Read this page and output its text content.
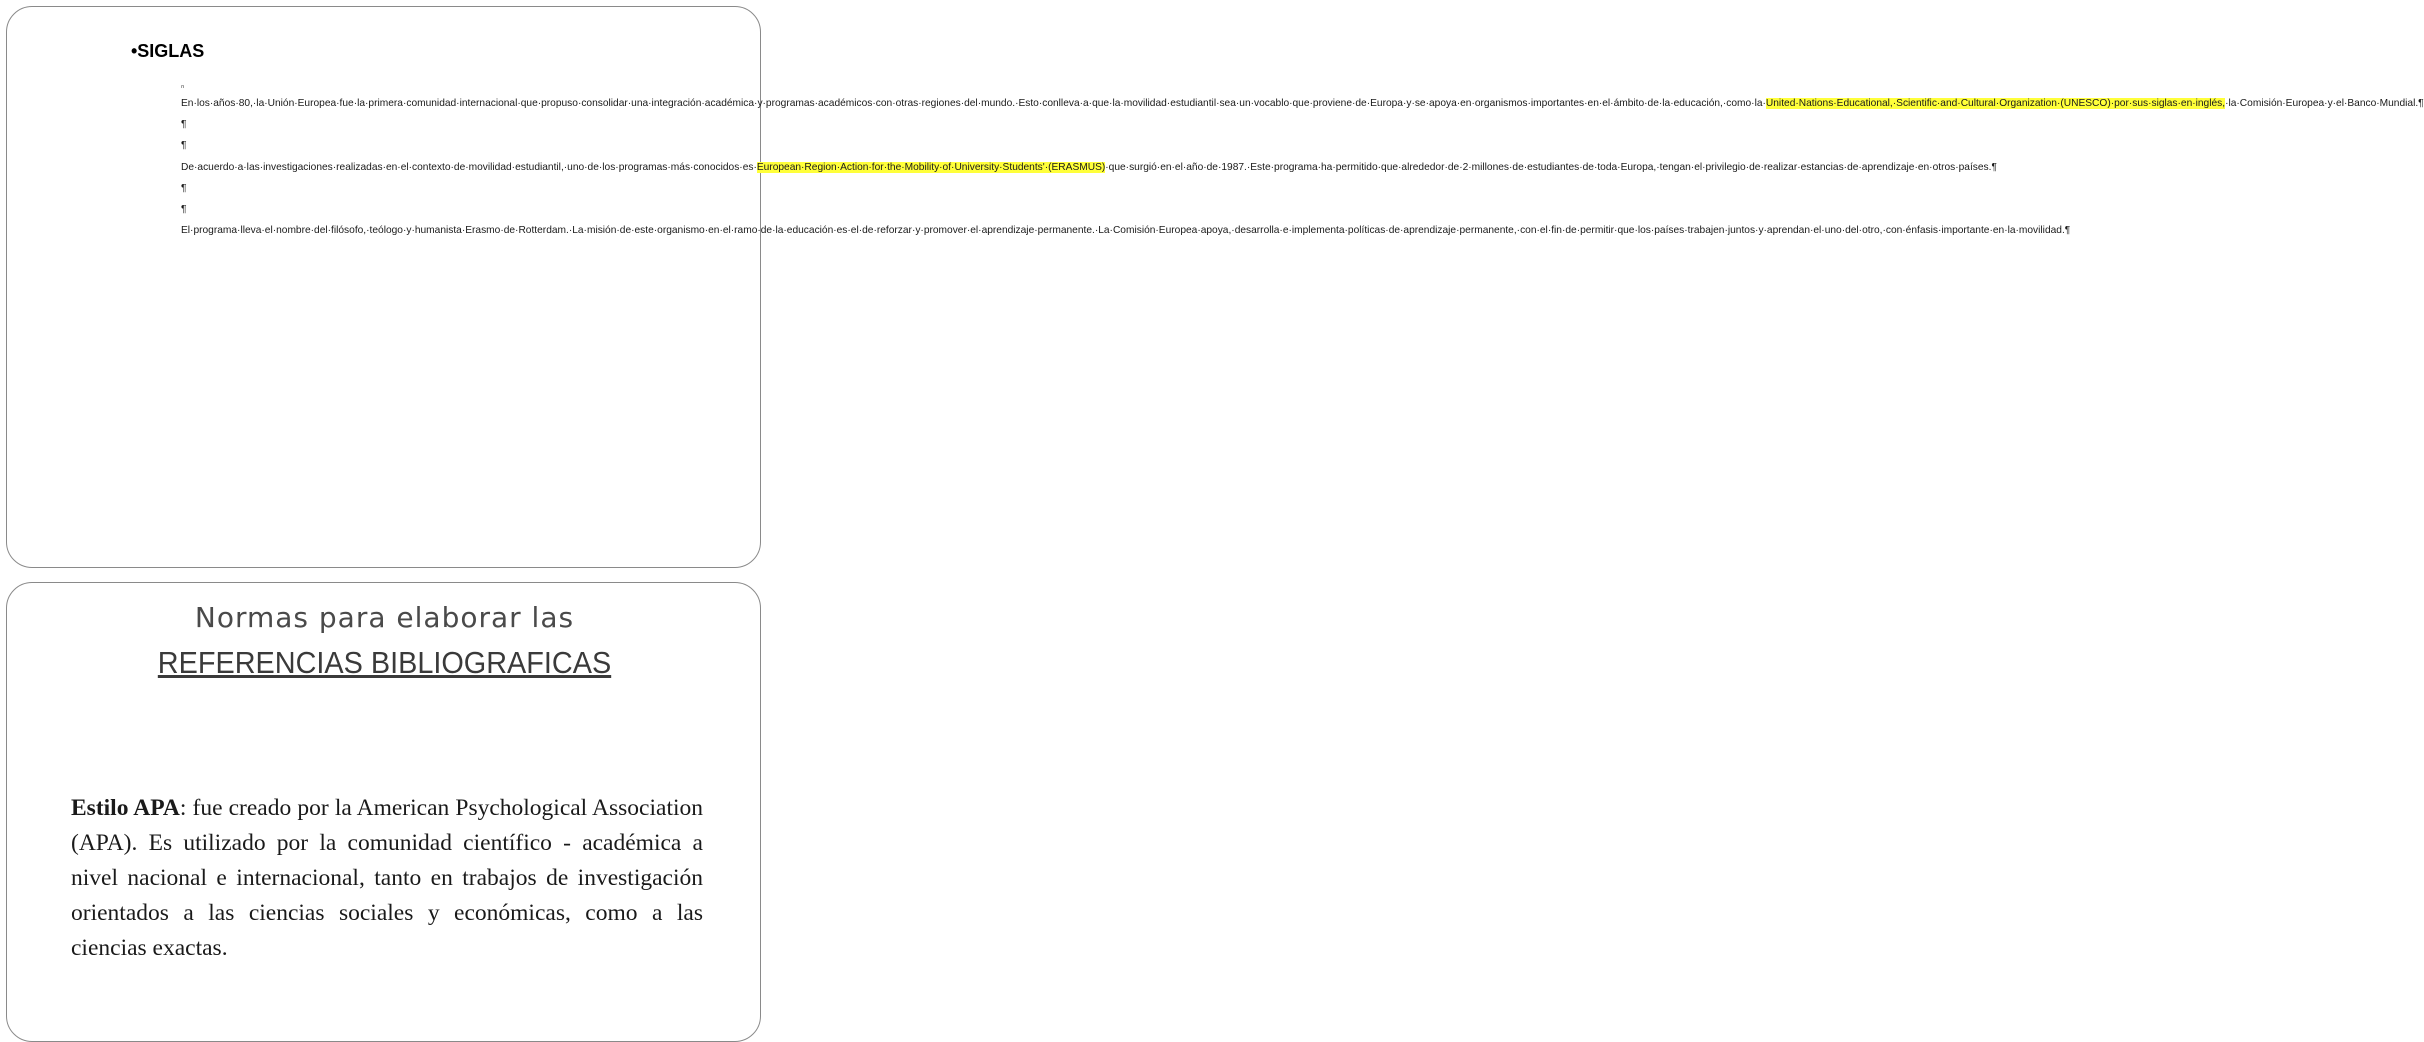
•SIGLAS

ⁿ

En·los·años·80,·la·Unión·Europea·fue·la·primera·comunidad·internacional·que·propuso·consolidar·una·integración·académica·y·programas·académicos·con·otras·regiones·del·mundo.·Esto·conlleva·a·que·la·movilidad·estudiantil·sea·un·vocablo·que·proviene·de·Europa·y·se·apoya·en·organismos·importantes·en·el·ámbito·de·la·educación,·como·la·United·Nations·Educational,·Scientific·and·Cultural·Organization·(UNESCO)·por·sus·siglas·en·inglés,·la·Comisión·Europea·y·el·Banco·Mundial.¶

¶
¶

De·acuerdo·a·las·investigaciones·realizadas·en·el·contexto·de·movilidad·estudiantil,·uno·de·los·programas·más·conocidos·es·European·Region·Action·for·the·Mobility·of·University·Students'·(ERASMUS)·que·surgió·en·el·año·de·1987.·Este·programa·ha·permitido·que·alrededor·de·2·millones·de·estudiantes·de·toda·Europa,·tengan·el·privilegio·de·realizar·estancias·de·aprendizaje·en·otros·países.¶

¶
¶

El·programa·lleva·el·nombre·del·filósofo,·teólogo·y·humanista·Erasmo·de·Rotterdam.·La·misión·de·este·organismo·en·el·ramo·de·la·educación·es·el·de·reforzar·y·promover·el·aprendizaje·permanente.·La·Comisión·Europea·apoya,·desarrolla·e·implementa·políticas·de·aprendizaje·permanente,·con·el·fin·de·permitir·que·los·países·trabajen·juntos·y·aprendan·el·uno·del·otro,·con·énfasis·importante·en·la·movilidad.¶

Normas para elaborar las
REFERENCIAS BIBLIOGRAFICAS
Estilo APA: fue creado por la American Psychological Association (APA). Es utilizado por la comunidad científico - académica a nivel nacional e internacional, tanto en trabajos de investigación orientados a las ciencias sociales y económicas, como a las ciencias exactas.
